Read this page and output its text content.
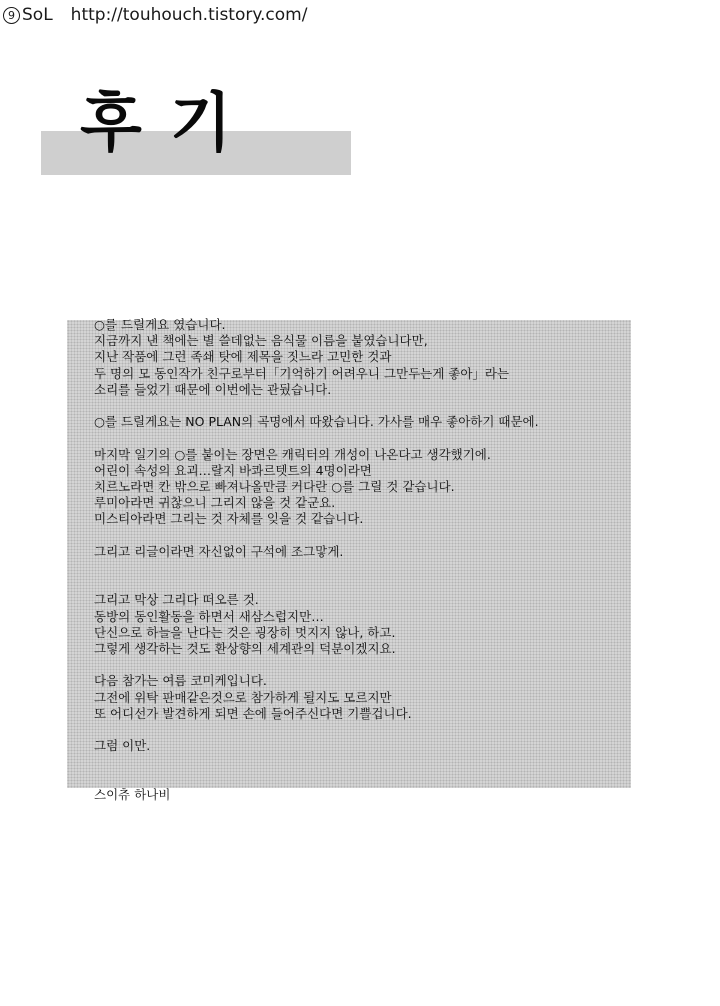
9 SoL http://touhouch.tistory.com/
후기
○를 드릴게요 였습니다.
지금까지 낸 책에는 별 쓸데없는 음식물 이름을 붙였습니다만,
지난 작품에 그런 족쇄 탓에 제목을 짓느라 고민한 것과
두 명의 모 동인작가 친구로부터「기억하기 어려우니 그만두는게 좋아」라는
소리를 들었기 때문에 이번에는 관뒀습니다.
○를 드릴게요는 NO PLAN의 곡명에서 따왔습니다. 가사를 매우 좋아하기 때문에.
마지막 일기의 ○를 붙이는 장면은 캐릭터의 개성이 나온다고 생각했기에.
어린이 속성의 요괴…랄지 바콰르텟트의 4명이라면
치르노라면 칸 밖으로 빠져나올만큼 커다란 ○를 그릴 것 같습니다.
루미아라면 귀찮으니 그리지 않을 것 같군요.
미스티아라면 그리는 것 자체를 잊을 것 같습니다.
그리고 리글이라면 자신없이 구석에 조그맣게.
그리고 막상 그리다 떠오른 것.
동방의 동인활동을 하면서 새삼스럽지만…
단신으로 하늘을 난다는 것은 굉장히 멋지지 않나, 하고.
그렇게 생각하는 것도 환상향의 세계관의 덕분이겠지요.
다음 참가는 여름 코미케입니다.
그전에 위탁 판매같은것으로 참가하게 될지도 모르지만
또 어디선가 발견하게 되면 손에 들어주신다면 기쁠겁니다.
그럼 이만.
스이츄 하나비
